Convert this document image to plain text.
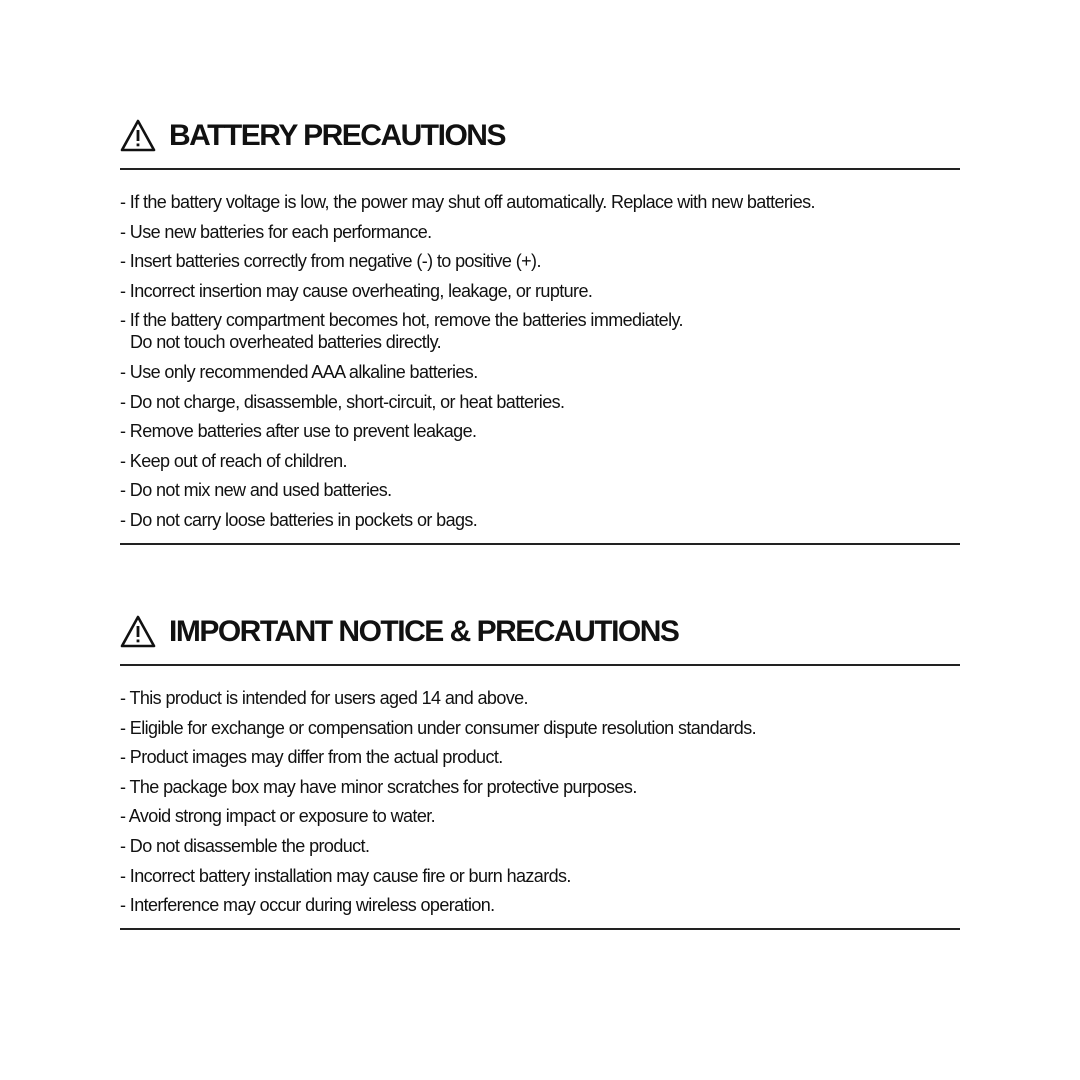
BATTERY PRECAUTIONS
- If the battery voltage is low, the power may shut off automatically. Replace with new batteries.
- Use new batteries for each performance.
- Insert batteries correctly from negative (-) to positive (+).
- Incorrect insertion may cause overheating, leakage, or rupture.
- If the battery compartment becomes hot, remove the batteries immediately.
Do not touch overheated batteries directly.
- Use only recommended AAA alkaline batteries.
- Do not charge, disassemble, short-circuit, or heat batteries.
- Remove batteries after use to prevent leakage.
- Keep out of reach of children.
- Do not mix new and used batteries.
- Do not carry loose batteries in pockets or bags.
IMPORTANT NOTICE & PRECAUTIONS
- This product is intended for users aged 14 and above.
- Eligible for exchange or compensation under consumer dispute resolution standards.
- Product images may differ from the actual product.
- The package box may have minor scratches for protective purposes.
- Avoid strong impact or exposure to water.
- Do not disassemble the product.
- Incorrect battery installation may cause fire or burn hazards.
- Interference may occur during wireless operation.
